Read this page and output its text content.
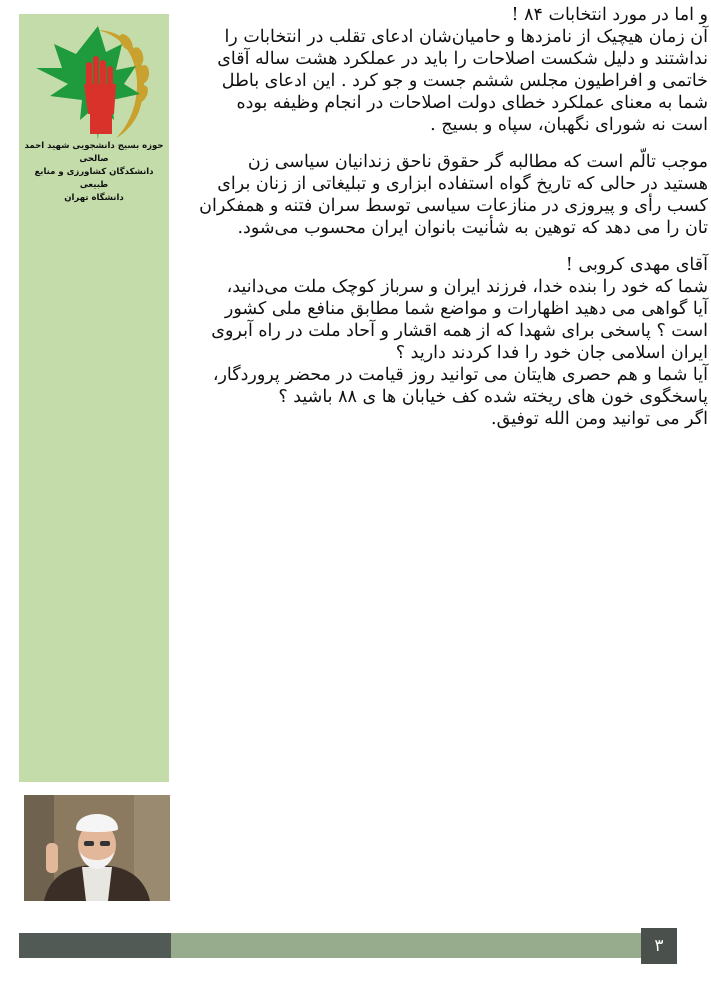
حوزه بسیج دانشجویی شهید احمد صالحی
دانشکدگان کشاورزی و منابع طبیعی
دانشگاه تهران
و اما در مورد انتخابات ۸۴ !
آن زمان هیچیک از نامزدها و حامیان‌شان ادعای تقلب در انتخابات را
نداشتند و دلیل شکست اصلاحات را باید در عملکرد هشت ساله آقای
خاتمی و افراطیون مجلس ششم جست و جو کرد . این ادعای باطل
شما به معنای عملکرد خطای دولت اصلاحات در انجام وظیفه بوده
است نه شورای نگهبان، سپاه و بسیج .
موجب تالّم است که مطالبه گر حقوق ناحق زندانیان سیاسی زن
هستید در حالی که تاریخ گواه استفاده ابزاری و تبلیغاتی از زنان برای
کسب رأی و پیروزی در منازعات سیاسی توسط سران فتنه و همفکران
تان را می دهد که توهین به شأنیت بانوان ایران محسوب می‌شود.
آقای مهدی کروبی !
شما که خود را بنده خدا، فرزند ایران و سرباز کوچک ملت می‌دانید،
آیا گواهی می دهید اظهارات و مواضع شما مطابق منافع ملی کشور
است ؟ پاسخی برای شهدا که از همه اقشار و آحاد ملت در راه آبروی
ایران اسلامی جان خود را فدا کردند دارید ؟
آیا شما و هم حصری هایتان می توانید روز قیامت در محضر پروردگار،
پاسخگوی خون های ریخته شده کف خیابان ها ی ۸۸ باشید ؟
اگر می توانید ومن الله توفیق.
۳
